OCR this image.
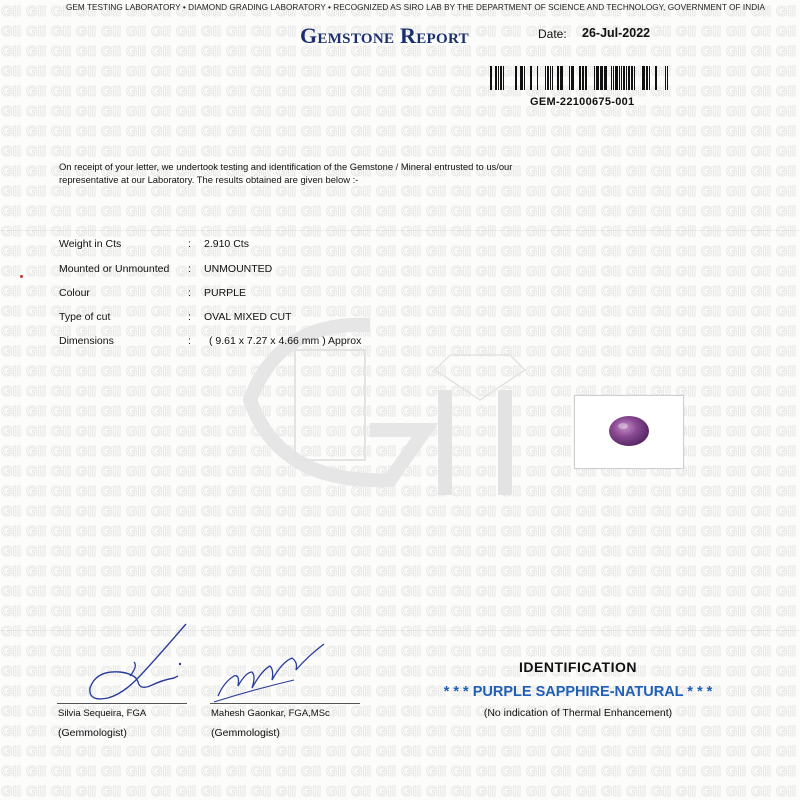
GEM TESTING LABORATORY • DIAMOND GRADING LABORATORY • RECOGNIZED AS SIRO LAB BY THE DEPARTMENT OF SCIENCE AND TECHNOLOGY, GOVERNMENT OF INDIA
Gemstone Report	Date: 26-Jul-2022
GEM-22100675-001
On receipt of your letter, we undertook testing and identification of the Gemstone / Mineral entrusted to us/our representative at our Laboratory. The results obtained are given below :-
Weight in Cts	: 2.910 Cts
Mounted or Unmounted : UNMOUNTED
Colour	: PURPLE
Type of cut	: OVAL MIXED CUT
Dimensions	: ( 9.61 x 7.27 x 4.66 mm ) Approx
Silvia Sequeira, FGA
(Gemmologist)
Mahesh Gaonkar, FGA,MSc
(Gemmologist)
IDENTIFICATION
* * * PURPLE SAPPHIRE-NATURAL * * *
(No indication of Thermal Enhancement)
